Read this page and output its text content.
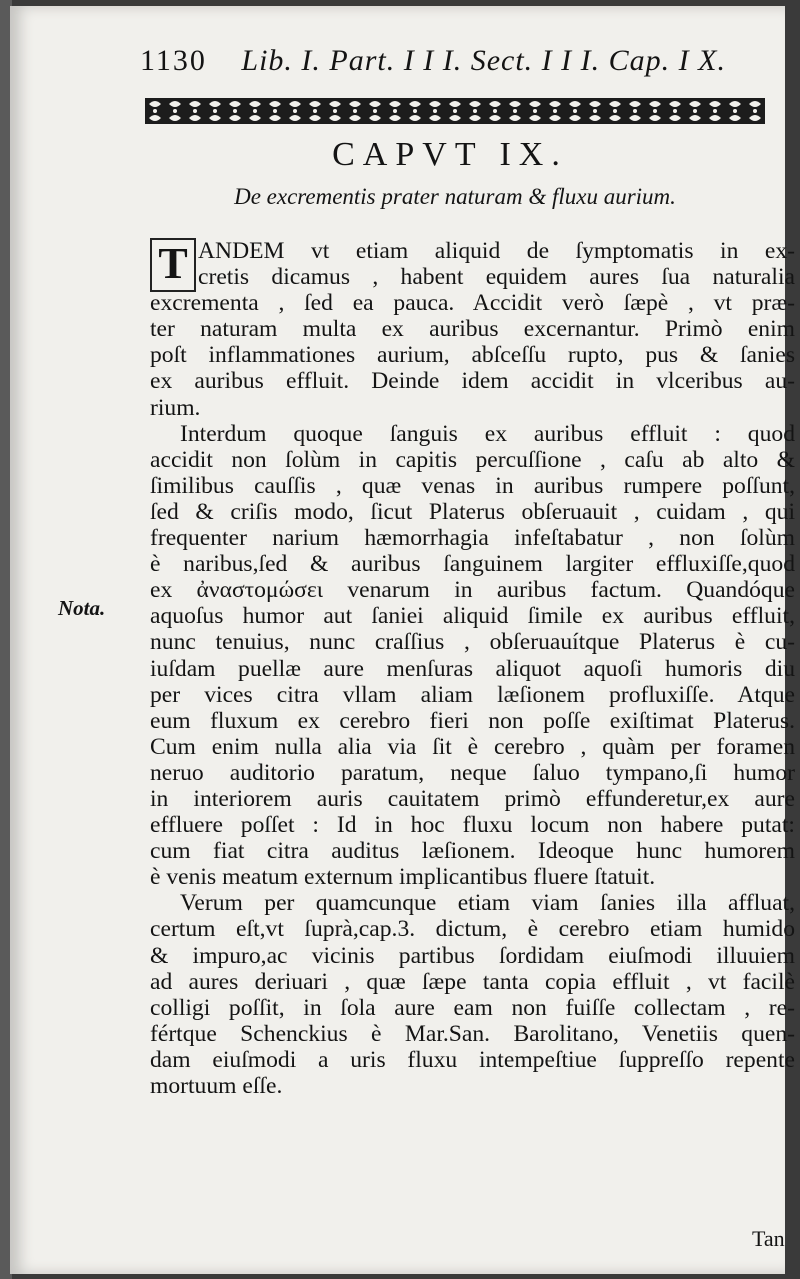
1130 Lib. I. Part. I I I. Sect. I I I. Cap. I X.
CAPVT IX.
De excrementis prater naturam & fluxu aurium.
T ANDEM vt etiam aliquid de ſymptomatis in ex-
cretis dicamus , habent equidem aures ſua naturalia
excrementa , ſed ea pauca. Accidit verò ſæpè , vt præ-
ter naturam multa ex auribus excernantur. Primò enim
poſt inflammationes aurium, abſceſſu rupto, pus & ſanies
ex auribus effluit. Deinde idem accidit in vlceribus au-
rium.
Interdum quoque ſanguis ex auribus effluit : quod
accidit non ſolùm in capitis percuſſione , caſu ab alto &
ſimilibus cauſſis , quæ venas in auribus rumpere poſſunt,
ſed & criſis modo, ſicut Platerus obſeruauit , cuidam , qui
frequenter narium hæmorrhagia infeſtabatur , non ſolùm
è naribus,ſed & auribus ſanguinem largiter effluxiſſe,quod
ex ἀναστομώσει venarum in auribus factum. Quandóque
aquoſus humor aut ſaniei aliquid ſimile ex auribus effluit,
nunc tenuius, nunc craſſius , obſeruauítque Platerus è cu-
iuſdam puellæ aure menſuras aliquot aquoſi humoris diu
per vices citra vllam aliam læſionem profluxiſſe. Atque
eum fluxum ex cerebro fieri non poſſe exiſtimat Platerus.
Cum enim nulla alia via ſit è cerebro , quàm per foramen
neruo auditorio paratum, neque ſaluo tympano,ſi humor
in interiorem auris cauitatem primò effunderetur,ex aure
effluere poſſet : Id in hoc fluxu locum non habere putat:
cum fiat citra auditus læſionem. Ideoque hunc humorem
è venis meatum externum implicantibus fluere ſtatuit.
Verum per quamcunque etiam viam ſanies illa affluat,
certum eſt,vt ſuprà,cap.3. dictum, è cerebro etiam humido
& impuro,ac vicinis partibus ſordidam eiuſmodi illuuiem
ad aures deriuari , quæ ſæpe tanta copia effluit , vt facilè
colligi poſſit, in ſola aure eam non fuiſſe collectam , re-
fértque Schenckius è Mar.San. Barolitano, Venetiis quen-
dam eiuſmodi a uris fluxu intempeſtiue ſuppreſſo repente
mortuum eſſe.
Nota.
Tan
